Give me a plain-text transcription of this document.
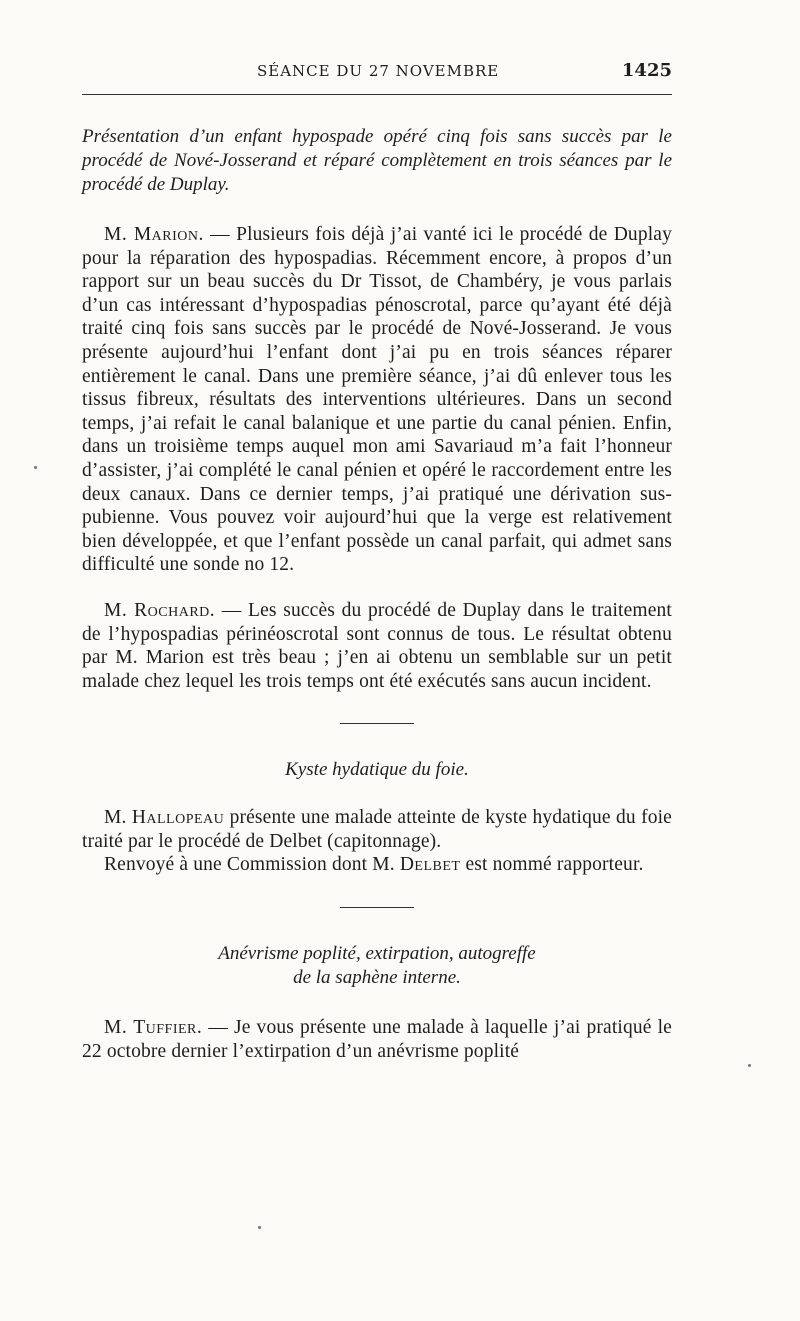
SÉANCE DU 27 NOVEMBRE	1425

Présentation d’un enfant hypospade opéré cinq fois sans succès par le procédé de Nové-Josserand et réparé complètement en trois séances par le procédé de Duplay.

M. Marion. — Plusieurs fois déjà j’ai vanté ici le procédé de Duplay pour la réparation des hypospadias. Récemment encore, à propos d’un rapport sur un beau succès du Dr Tissot, de Chambéry, je vous parlais d’un cas intéressant d’hypospadias pénoscrotal, parce qu’ayant été déjà traité cinq fois sans succès par le procédé de Nové-Josserand. Je vous présente aujourd’hui l’enfant dont j’ai pu en trois séances réparer entièrement le canal. Dans une première séance, j’ai dû enlever tous les tissus fibreux, résultats des interventions ultérieures. Dans un second temps, j’ai refait le canal balanique et une partie du canal pénien. Enfin, dans un troisième temps auquel mon ami Savariaud m’a fait l’honneur d’assister, j’ai complété le canal pénien et opéré le raccordement entre les deux canaux. Dans ce dernier temps, j’ai pratiqué une dérivation sus-pubienne. Vous pouvez voir aujourd’hui que la verge est relativement bien développée, et que l’enfant possède un canal parfait, qui admet sans difficulté une sonde no 12.

M. Rochard. — Les succès du procédé de Duplay dans le traitement de l’hypospadias périnéoscrotal sont connus de tous. Le résultat obtenu par M. Marion est très beau ; j’en ai obtenu un semblable sur un petit malade chez lequel les trois temps ont été exécutés sans aucun incident.

Kyste hydatique du foie.

M. Hallopeau présente une malade atteinte de kyste hydatique du foie traité par le procédé de Delbet (capitonnage).

Renvoyé à une Commission dont M. Delbet est nommé rapporteur.

Anévrisme poplité, extirpation, autogreffe
de la saphène interne.

M. Tuffier. — Je vous présente une malade à laquelle j’ai pratiqué le 22 octobre dernier l’extirpation d’un anévrisme poplité
